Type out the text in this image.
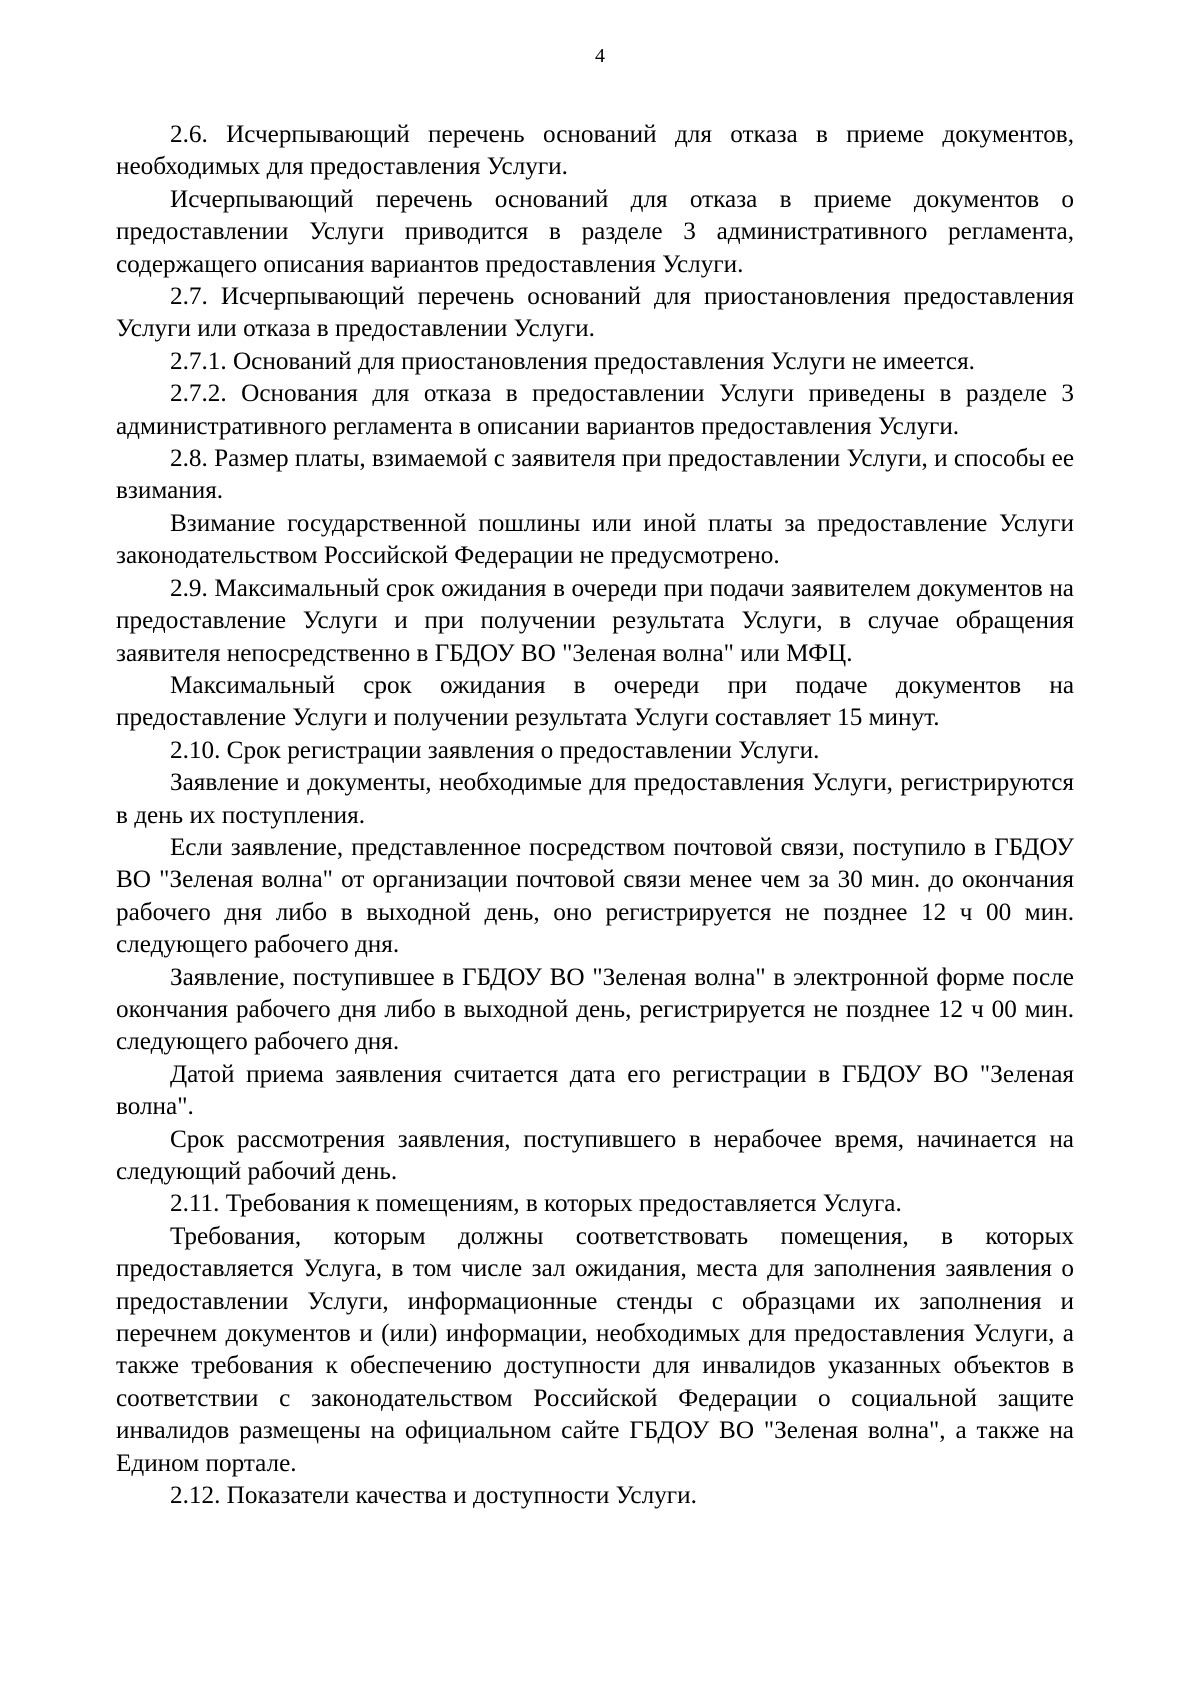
4

2.6. Исчерпывающий перечень оснований для отказа в приеме документов, необходимых для предоставления Услуги.

Исчерпывающий перечень оснований для отказа в приеме документов о предоставлении Услуги приводится в разделе 3 административного регламента, содержащего описания вариантов предоставления Услуги.

2.7. Исчерпывающий перечень оснований для приостановления предоставления Услуги или отказа в предоставлении Услуги.

2.7.1. Оснований для приостановления предоставления Услуги не имеется.

2.7.2. Основания для отказа в предоставлении Услуги приведены в разделе 3 административного регламента в описании вариантов предоставления Услуги.

2.8. Размер платы, взимаемой с заявителя при предоставлении Услуги, и способы ее взимания.

Взимание государственной пошлины или иной платы за предоставление Услуги законодательством Российской Федерации не предусмотрено.

2.9. Максимальный срок ожидания в очереди при подачи заявителем документов на предоставление Услуги и при получении результата Услуги, в случае обращения заявителя непосредственно в ГБДОУ ВО "Зеленая волна" или МФЦ.

Максимальный срок ожидания в очереди при подаче документов на предоставление Услуги и получении результата Услуги составляет 15 минут.

2.10. Срок регистрации заявления о предоставлении Услуги.

Заявление и документы, необходимые для предоставления Услуги, регистрируются в день их поступления.

Если заявление, представленное посредством почтовой связи, поступило в ГБДОУ ВО "Зеленая волна" от организации почтовой связи менее чем за 30 мин. до окончания рабочего дня либо в выходной день, оно регистрируется не позднее 12 ч 00 мин. следующего рабочего дня.

Заявление, поступившее в ГБДОУ ВО "Зеленая волна" в электронной форме после окончания рабочего дня либо в выходной день, регистрируется не позднее 12 ч 00 мин. следующего рабочего дня.

Датой приема заявления считается дата его регистрации в ГБДОУ ВО "Зеленая волна".

Срок рассмотрения заявления, поступившего в нерабочее время, начинается на следующий рабочий день.

2.11. Требования к помещениям, в которых предоставляется Услуга.

Требования, которым должны соответствовать помещения, в которых предоставляется Услуга, в том числе зал ожидания, места для заполнения заявления о предоставлении Услуги, информационные стенды с образцами их заполнения и перечнем документов и (или) информации, необходимых для предоставления Услуги, а также требования к обеспечению доступности для инвалидов указанных объектов в соответствии с законодательством Российской Федерации о социальной защите инвалидов размещены на официальном сайте ГБДОУ ВО "Зеленая волна", а также на Едином портале.

2.12. Показатели качества и доступности Услуги.
